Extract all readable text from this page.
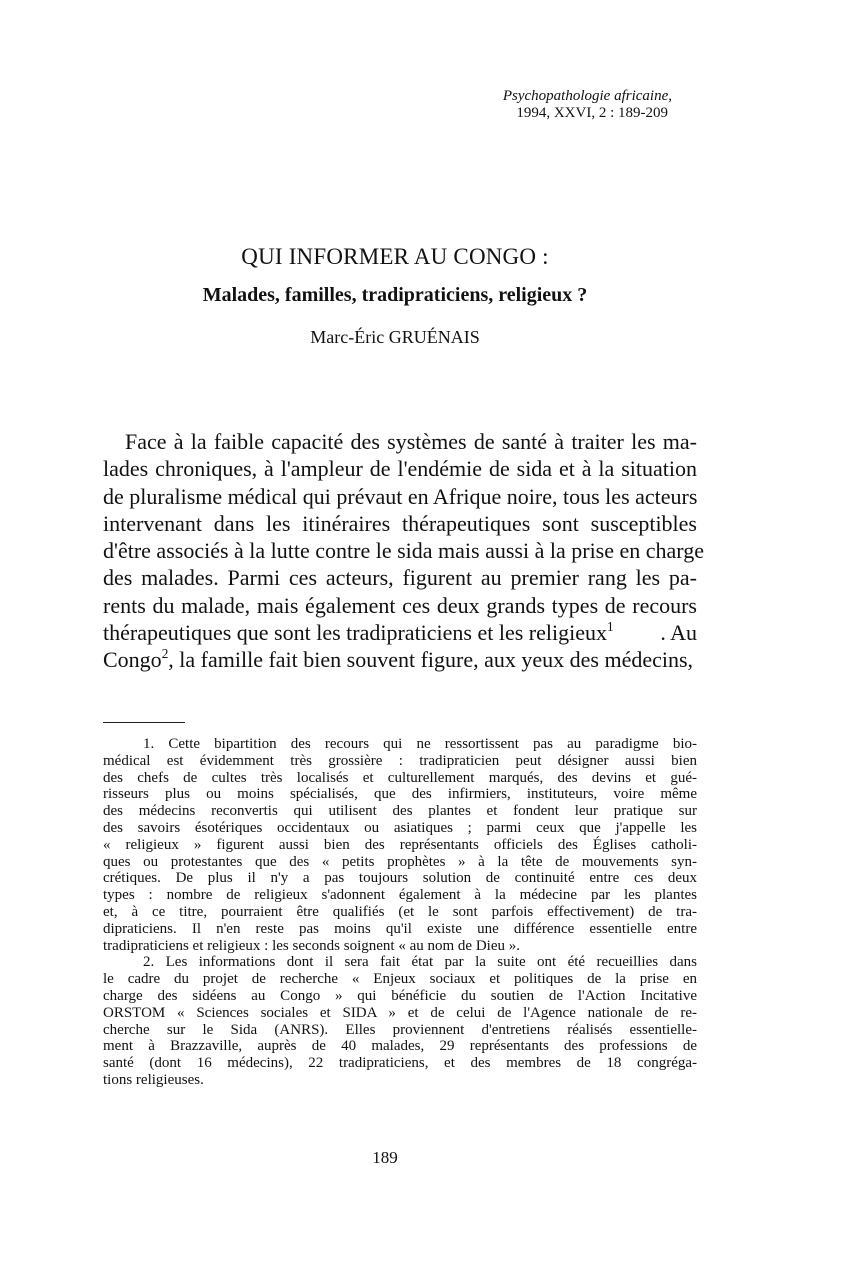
Psychopathologie africaine,
1994, XXVI, 2 : 189-209
QUI INFORMER AU CONGO :
Malades, familles, tradipraticiens, religieux ?
Marc-Éric GRUÉNAIS
Face à la faible capacité des systèmes de santé à traiter les ma-
lades chroniques, à l'ampleur de l'endémie de sida et à la situation
de pluralisme médical qui prévaut en Afrique noire, tous les acteurs
intervenant dans les itinéraires thérapeutiques sont susceptibles
d'être associés à la lutte contre le sida mais aussi à la prise en charge
des malades. Parmi ces acteurs, figurent au premier rang les pa-
rents du malade, mais également ces deux grands types de recours
thérapeutiques que sont les tradipraticiens et les religieux$^1$ . Au
Congo$^2$, la famille fait bien souvent figure, aux yeux des médecins,
1. Cette bipartition des recours qui ne ressortissent pas au paradigme bio-
médical est évidemment très grossière : tradipraticien peut désigner aussi bien
des chefs de cultes très localisés et culturellement marqués, des devins et gué-
risseurs plus ou moins spécialisés, que des infirmiers, instituteurs, voire même
des médecins reconvertis qui utilisent des plantes et fondent leur pratique sur
des savoirs ésotériques occidentaux ou asiatiques ; parmi ceux que j'appelle les
« religieux » figurent aussi bien des représentants officiels des Églises catholi-
ques ou protestantes que des « petits prophètes » à la tête de mouvements syn-
crétiques. De plus il n'y a pas toujours solution de continuité entre ces deux
types : nombre de religieux s'adonnent également à la médecine par les plantes
et, à ce titre, pourraient être qualifiés (et le sont parfois effectivement) de tra-
dipraticiens. Il n'en reste pas moins qu'il existe une différence essentielle entre
tradipraticiens et religieux : les seconds soignent « au nom de Dieu ».
2. Les informations dont il sera fait état par la suite ont été recueillies dans
le cadre du projet de recherche « Enjeux sociaux et politiques de la prise en
charge des sidéens au Congo » qui bénéficie du soutien de l'Action Incitative
ORSTOM « Sciences sociales et SIDA » et de celui de l'Agence nationale de re-
cherche sur le Sida (ANRS). Elles proviennent d'entretiens réalisés essentielle-
ment à Brazzaville, auprès de 40 malades, 29 représentants des professions de
santé (dont 16 médecins), 22 tradipraticiens, et des membres de 18 congréga-
tions religieuses.
189
